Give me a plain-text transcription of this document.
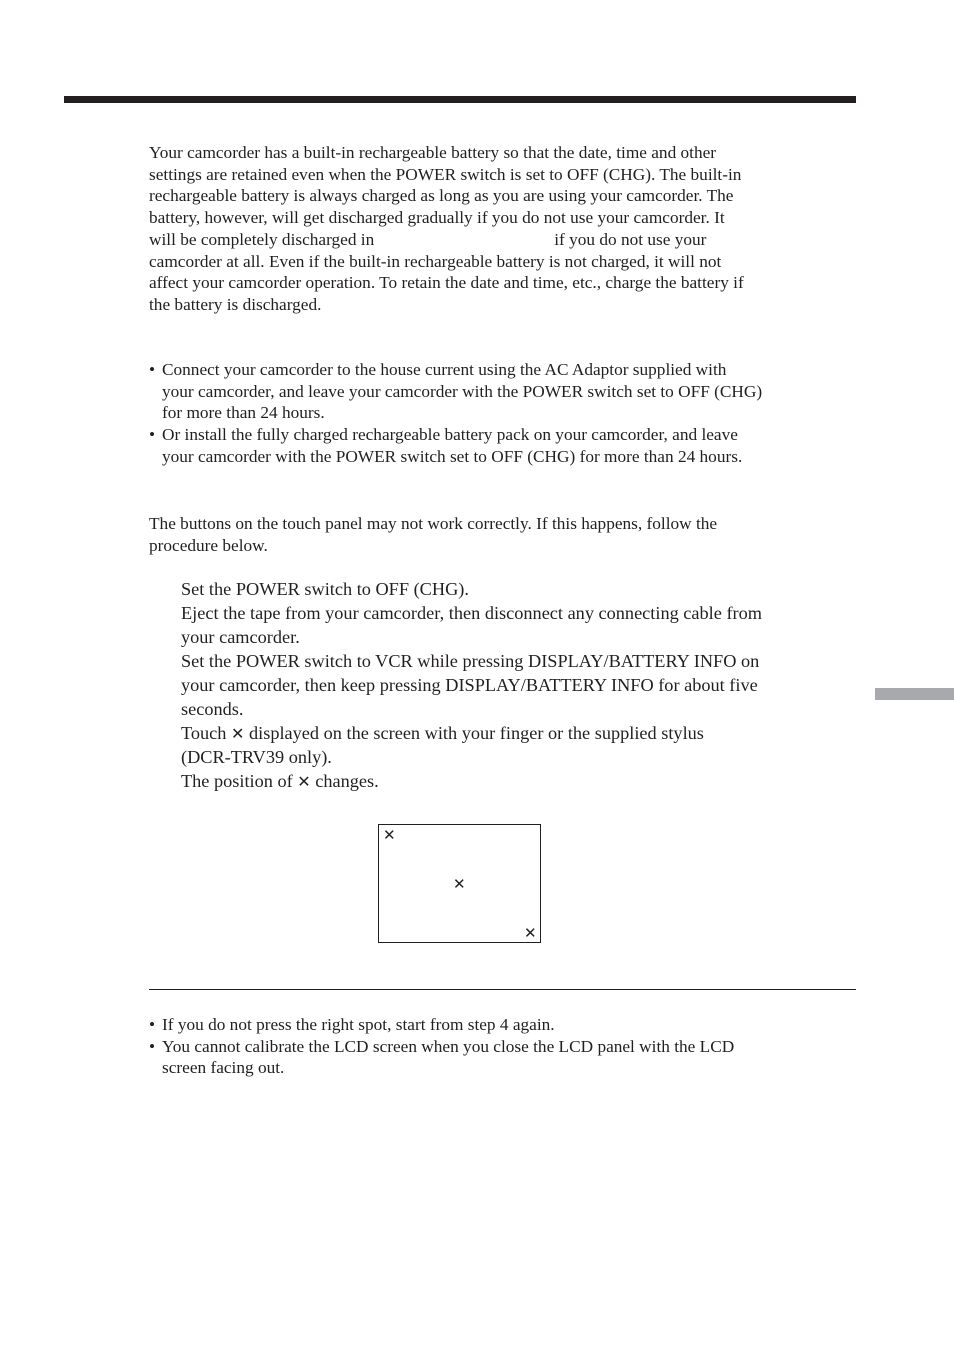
Your camcorder has a built-in rechargeable battery so that the date, time and other
settings are retained even when the POWER switch is set to OFF (CHG). The built-in
rechargeable battery is always charged as long as you are using your camcorder. The
battery, however, will get discharged gradually if you do not use your camcorder. It
will be completely discharged in	if you do not use your
camcorder at all. Even if the built-in rechargeable battery is not charged, it will not
affect your camcorder operation. To retain the date and time, etc., charge the battery if
the battery is discharged.
• Connect your camcorder to the house current using the AC Adaptor supplied with
your camcorder, and leave your camcorder with the POWER switch set to OFF (CHG)
for more than 24 hours.
• Or install the fully charged rechargeable battery pack on your camcorder, and leave
your camcorder with the POWER switch set to OFF (CHG) for more than 24 hours.
The buttons on the touch panel may not work correctly. If this happens, follow the
procedure below.
Set the POWER switch to OFF (CHG).
Eject the tape from your camcorder, then disconnect any connecting cable from
your camcorder.
Set the POWER switch to VCR while pressing DISPLAY/BATTERY INFO on
your camcorder, then keep pressing DISPLAY/BATTERY INFO for about five
seconds.
Touch ✕ displayed on the screen with your finger or the supplied stylus
(DCR-TRV39 only).
The position of ✕ changes.
✕
✕
✕
• If you do not press the right spot, start from step 4 again.
• You cannot calibrate the LCD screen when you close the LCD panel with the LCD
screen facing out.
